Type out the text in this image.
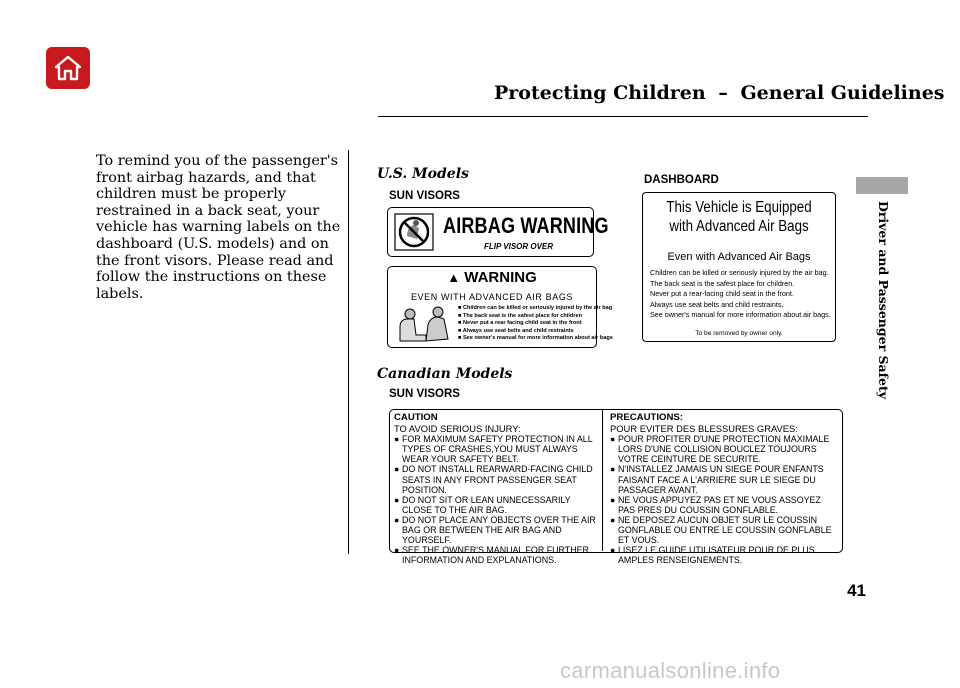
Protecting Children – General Guidelines
To remind you of the passenger's front airbag hazards, and that children must be properly restrained in a back seat, your vehicle has warning labels on the dashboard (U.S. models) and on the front visors. Please read and follow the instructions on these labels.
U.S. Models
SUN VISORS
AIRBAG WARNING
FLIP VISOR OVER
▲ WARNING
EVEN WITH ADVANCED AIR BAGS
■ Children can be killed or seriously injured by the air bag
■ The back seat is the safest place for children
■ Never put a rear facing child seat in the front
■ Always use seat belts and child restraints
■ See owner's manual for more information about air bags
DASHBOARD
This Vehicle is Equipped with Advanced Air Bags
Even with Advanced Air Bags
Children can be killed or seriously injured by the air bag.
The back seat is the safest place for children.
Never put a rear-facing child seat in the front.
Always use seat belts and child restraints.
See owner's manual for more information about air bags.
To be removed by owner only.
Canadian Models
SUN VISORS
CAUTION
TO AVOID SERIOUS INJURY:
● FOR MAXIMUM SAFETY PROTECTION IN ALL TYPES OF CRASHES,YOU MUST ALWAYS WEAR YOUR SAFETY BELT.
● DO NOT INSTALL REARWARD-FACING CHILD SEATS IN ANY FRONT PASSENGER SEAT POSITION.
● DO NOT SIT OR LEAN UNNECESSARILY CLOSE TO THE AIR BAG.
● DO NOT PLACE ANY OBJECTS OVER THE AIR BAG OR BETWEEN THE AIR BAG AND YOURSELF.
● SEE THE OWNER'S MANUAL FOR FURTHER INFORMATION AND EXPLANATIONS.
PRECAUTIONS:
POUR EVITER DES BLESSURES GRAVES:
● POUR PROFITER D'UNE PROTECTION MAXIMALE LORS D'UNE COLLISION BOUCLEZ TOUJOURS VOTRE CEINTURE DE SECURITE.
● N'INSTALLEZ JAMAIS UN SIEGE POUR ENFANTS FAISANT FACE A L'ARRIERE SUR LE SIEGE DU PASSAGER AVANT.
● NE VOUS APPUYEZ PAS ET NE VOUS ASSOYEZ PAS PRES DU COUSSIN GONFLABLE.
● NE DEPOSEZ AUCUN OBJET SUR LE COUSSIN GONFLABLE OU ENTRE LE COUSSIN GONFLABLE ET VOUS.
● LISEZ LE GUIDE UTILISATEUR POUR DE PLUS AMPLES RENSEIGNEMENTS.
Driver and Passenger Safety
41
carmanualsonline.info
